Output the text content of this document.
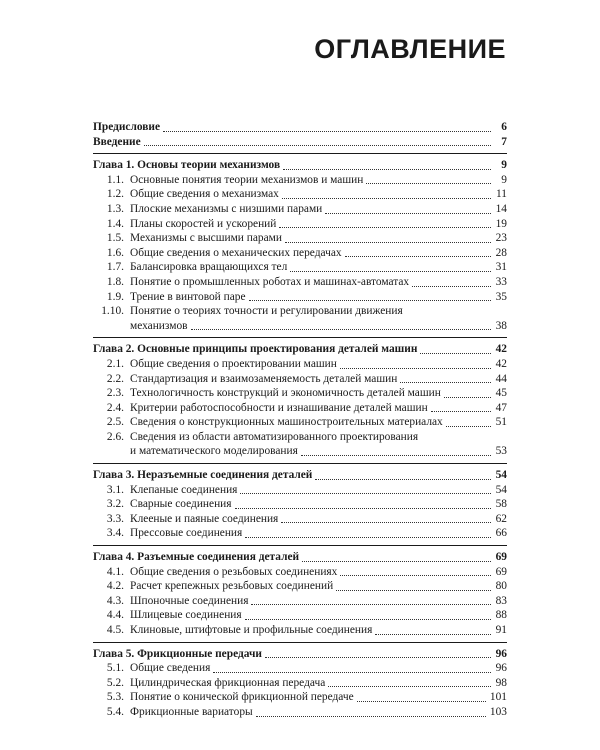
ОГЛАВЛЕНИЕ
Предисловие	6
Введение	7
Глава 1. Основы теории механизмов	9
1.1. Основные понятия теории механизмов и машин	9
1.2. Общие сведения о механизмах	11
1.3. Плоские механизмы с низшими парами	14
1.4. Планы скоростей и ускорений	19
1.5. Механизмы с высшими парами	23
1.6. Общие сведения о механических передачах	28
1.7. Балансировка вращающихся тел	31
1.8. Понятие о промышленных роботах и машинах-автоматах	33
1.9. Трение в винтовой паре	35
1.10. Понятие о теориях точности и регулировании движения
механизмов	38
Глава 2. Основные принципы проектирования деталей машин	42
2.1. Общие сведения о проектировании машин	42
2.2. Стандартизация и взаимозаменяемость деталей машин	44
2.3. Технологичность конструкций и экономичность деталей машин	45
2.4. Критерии работоспособности и изнашивание деталей машин	47
2.5. Сведения о конструкционных машиностроительных материалах	51
2.6. Сведения из области автоматизированного проектирования
и математического моделирования	53
Глава 3. Неразъемные соединения деталей	54
3.1. Клепаные соединения	54
3.2. Сварные соединения	58
3.3. Клееные и паяные соединения	62
3.4. Прессовые соединения	66
Глава 4. Разъемные соединения деталей	69
4.1. Общие сведения о резьбовых соединениях	69
4.2. Расчет крепежных резьбовых соединений	80
4.3. Шпоночные соединения	83
4.4. Шлицевые соединения	88
4.5. Клиновые, штифтовые и профильные соединения	91
Глава 5. Фрикционные передачи	96
5.1. Общие сведения	96
5.2. Цилиндрическая фрикционная передача	98
5.3. Понятие о конической фрикционной передаче	101
5.4. Фрикционные вариаторы	103
